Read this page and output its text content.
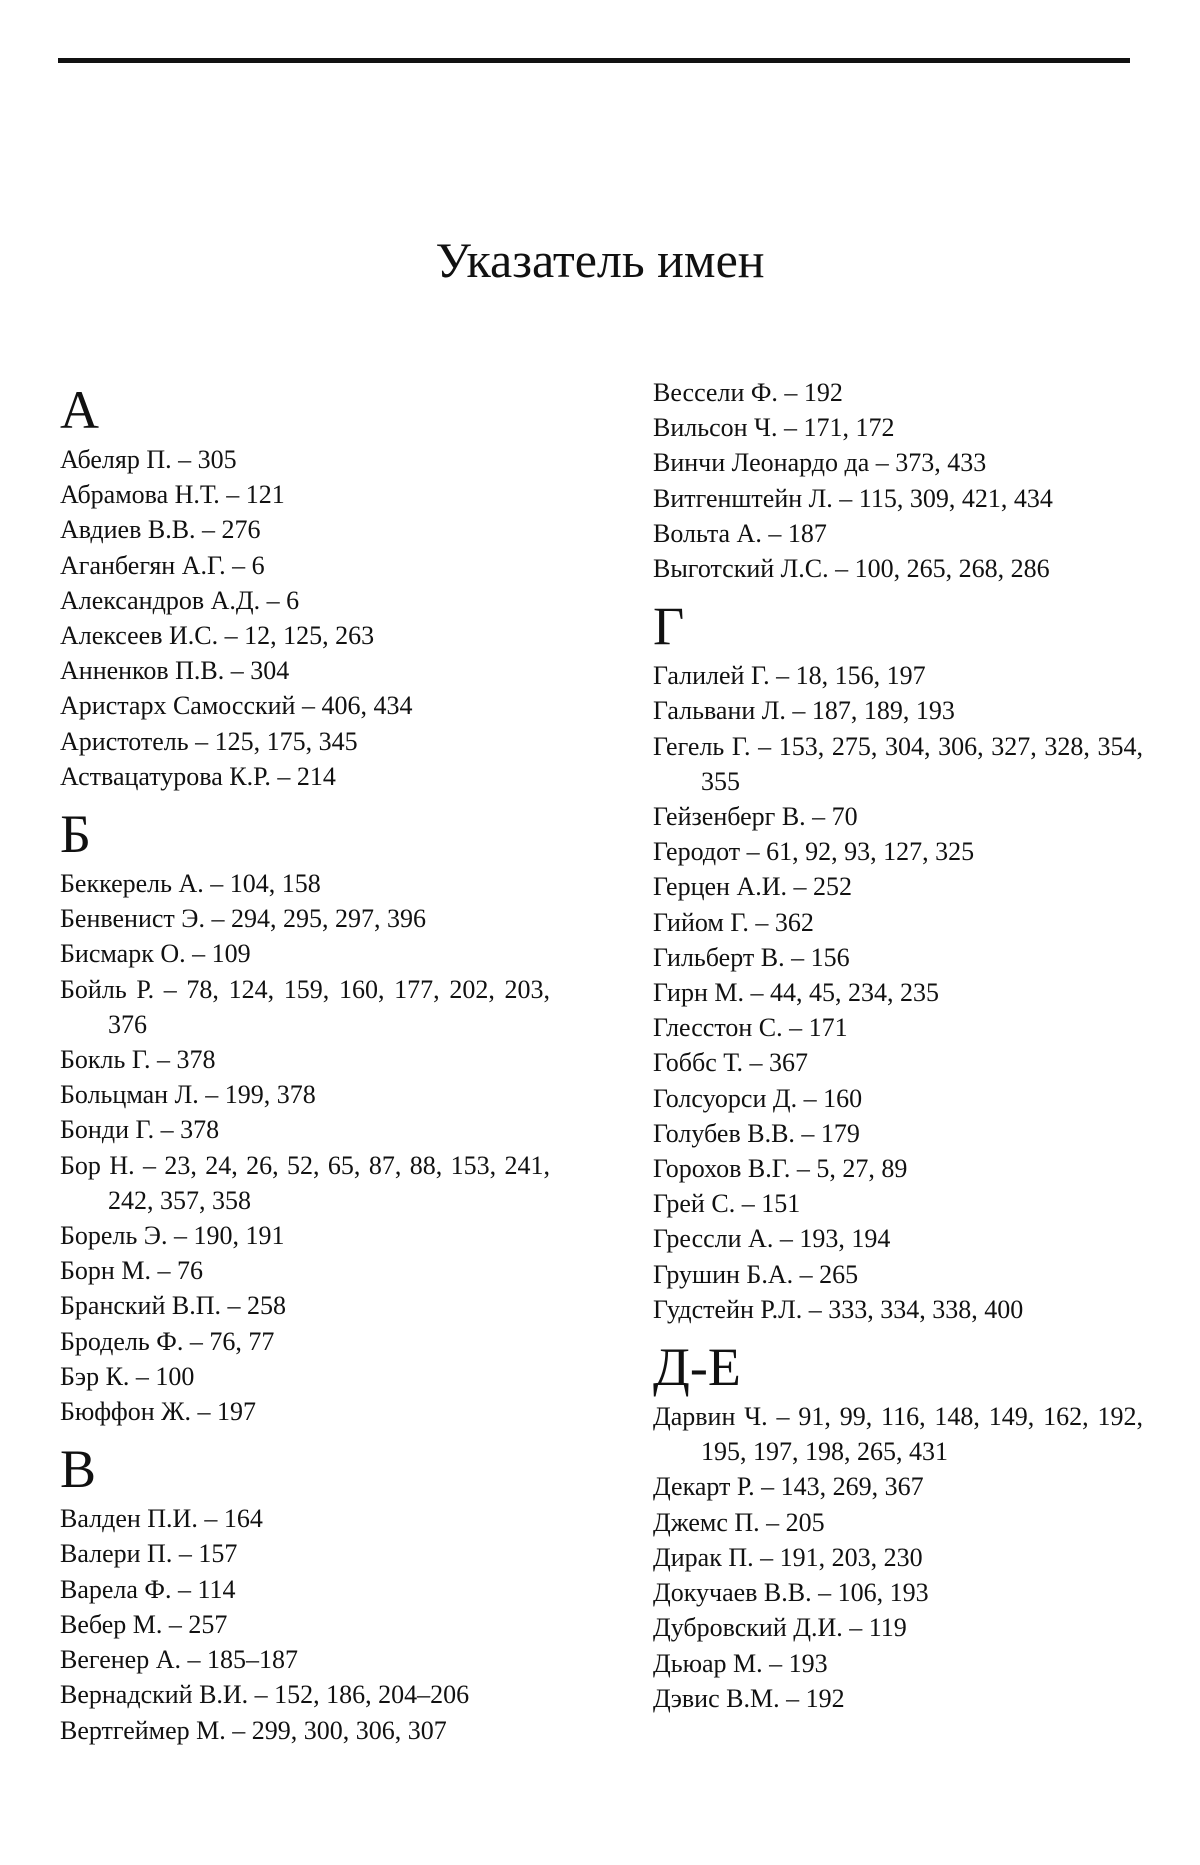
Указатель имен
А
Абеляр П. – 305
Абрамова Н.Т. – 121
Авдиев В.В. – 276
Аганбегян А.Г. – 6
Александров А.Д. – 6
Алексеев И.С. – 12, 125, 263
Анненков П.В. – 304
Аристарх Самосский – 406, 434
Аристотель – 125, 175, 345
Аствацатурова К.Р. – 214
Б
Беккерель А. – 104, 158
Бенвенист Э. – 294, 295, 297, 396
Бисмарк О. – 109
Бойль Р. – 78, 124, 159, 160, 177, 202, 203, 376
Бокль Г. – 378
Больцман Л. – 199, 378
Бонди Г. – 378
Бор Н. – 23, 24, 26, 52, 65, 87, 88, 153, 241, 242, 357, 358
Борель Э. – 190, 191
Борн М. – 76
Бранский В.П. – 258
Бродель Ф. – 76, 77
Бэр К. – 100
Бюффон Ж. – 197
В
Валден П.И. – 164
Валери П. – 157
Варела Ф. – 114
Вебер М. – 257
Вегенер А. – 185–187
Вернадский В.И. – 152, 186, 204–206
Вертгеймер М. – 299, 300, 306, 307
Вессели Ф. – 192
Вильсон Ч. – 171, 172
Винчи Леонардо да – 373, 433
Витгенштейн Л. – 115, 309, 421, 434
Вольта А. – 187
Выготский Л.С. – 100, 265, 268, 286
Г
Галилей Г. – 18, 156, 197
Гальвани Л. – 187, 189, 193
Гегель Г. – 153, 275, 304, 306, 327, 328, 354, 355
Гейзенберг В. – 70
Геродот – 61, 92, 93, 127, 325
Герцен А.И. – 252
Гийом Г. – 362
Гильберт В. – 156
Гирн М. – 44, 45, 234, 235
Глесстон С. – 171
Гоббс Т. – 367
Голсуорси Д. – 160
Голубев В.В. – 179
Горохов В.Г. – 5, 27, 89
Грей С. – 151
Грессли А. – 193, 194
Грушин Б.А. – 265
Гудстейн Р.Л. – 333, 334, 338, 400
Д-Е
Дарвин Ч. – 91, 99, 116, 148, 149, 162, 192, 195, 197, 198, 265, 431
Декарт Р. – 143, 269, 367
Джемс П. – 205
Дирак П. – 191, 203, 230
Докучаев В.В. – 106, 193
Дубровский Д.И. – 119
Дьюар М. – 193
Дэвис В.М. – 192
